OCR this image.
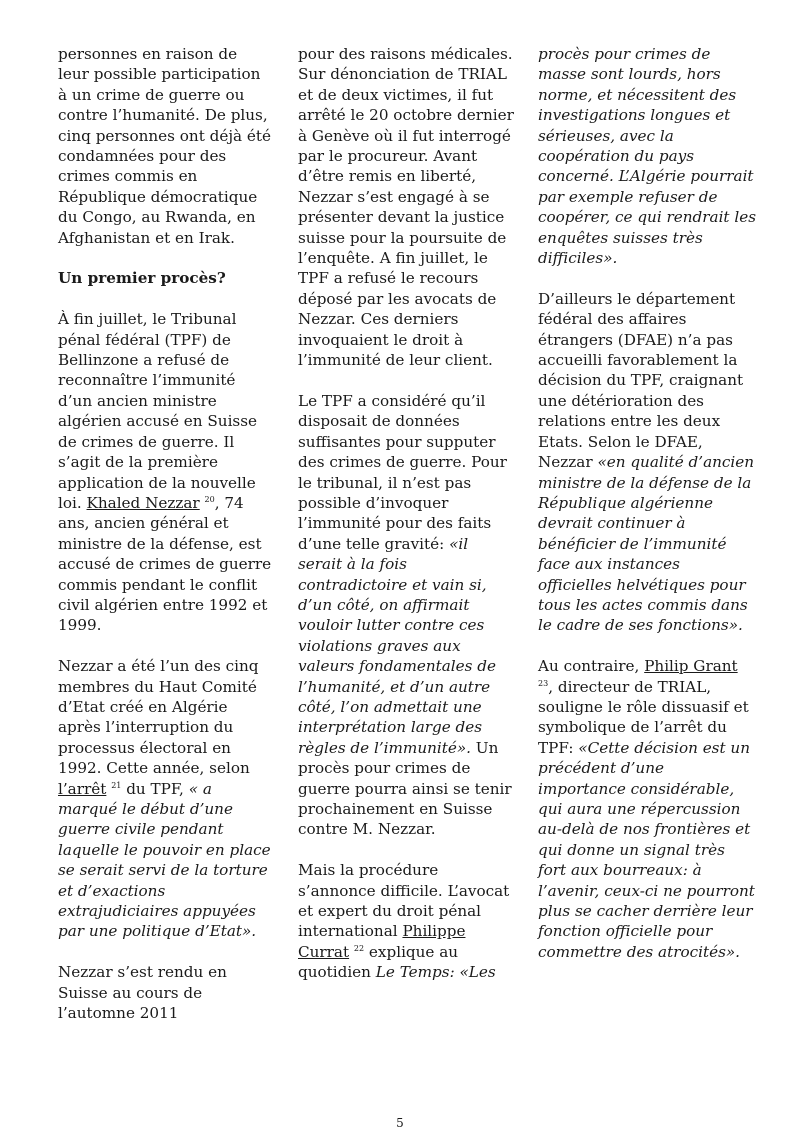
personnes en raison de leur possible participation à un crime de guerre ou contre l’humanité. De plus, cinq personnes ont déjà été condamnées pour des crimes commis en République démocratique du Congo, au Rwanda, en Afghanistan et en Irak.

Un premier procès?

À fin juillet, le Tribunal pénal fédéral (TPF) de Bellinzone a refusé de reconnaître l’immunité d’un ancien ministre algérien accusé en Suisse de crimes de guerre. Il s’agit de la première application de la nouvelle loi. Khaled Nezzar $^{20}$, 74 ans, ancien général et ministre de la défense, est accusé de crimes de guerre commis pendant le conflit civil algérien entre 1992 et 1999.

Nezzar a été l’un des cinq membres du Haut Comité d’Etat créé en Algérie après l’interruption du processus électoral en 1992. Cette année, selon l’arrêt $^{21}$ du TPF, « a marqué le début d’une guerre civile pendant laquelle le pouvoir en place se serait servi de la torture et d’exactions extrajudiciaires appuyées par une politique d’Etat».

Nezzar s’est rendu en Suisse au cours de l’automne 2011

pour des raisons médicales. Sur dénonciation de TRIAL et de deux victimes, il fut arrêté le 20 octobre dernier à Genève où il fut interrogé par le procureur. Avant d’être remis en liberté, Nezzar s’est engagé à se présenter devant la justice suisse pour la poursuite de l’enquête. A fin juillet, le TPF a refusé le recours déposé par les avocats de Nezzar. Ces derniers invoquaient le droit à l’immunité de leur client.

Le TPF a considéré qu’il disposait de données suffisantes pour supputer des crimes de guerre. Pour le tribunal, il n’est pas possible d’invoquer l’immunité pour des faits d’une telle gravité: «il serait à la fois contradictoire et vain si, d’un côté, on affirmait vouloir lutter contre ces violations graves aux valeurs fondamentales de l’humanité, et d’un autre côté, l’on admettait une interprétation large des règles de l’immunité». Un procès pour crimes de guerre pourra ainsi se tenir prochainement en Suisse contre M. Nezzar.

Mais la procédure s’annonce difficile. L’avocat et expert du droit pénal international Philippe Currat $^{22}$ explique au quotidien Le Temps: «Les

procès pour crimes de masse sont lourds, hors norme, et nécessitent des investigations longues et sérieuses, avec la coopération du pays concerné. L’Algérie pourrait par exemple refuser de coopérer, ce qui rendrait les enquêtes suisses très difficiles».

D’ailleurs le département fédéral des affaires étrangers (DFAE) n’a pas accueilli favorablement la décision du TPF, craignant une détérioration des relations entre les deux Etats. Selon le DFAE, Nezzar «en qualité d’ancien ministre de la défense de la République algérienne devrait continuer à bénéficier de l’immunité face aux instances officielles helvétiques pour tous les actes commis dans le cadre de ses fonctions».

Au contraire, Philip Grant $^{23}$, directeur de TRIAL, souligne le rôle dissuasif et symbolique de l’arrêt du TPF: «Cette décision est un précédent d’une importance considérable, qui aura une répercussion au-delà de nos frontières et qui donne un signal très fort aux bourreaux: à l’avenir, ceux-ci ne pourront plus se cacher derrière leur fonction officielle pour commettre des atrocités».

5
